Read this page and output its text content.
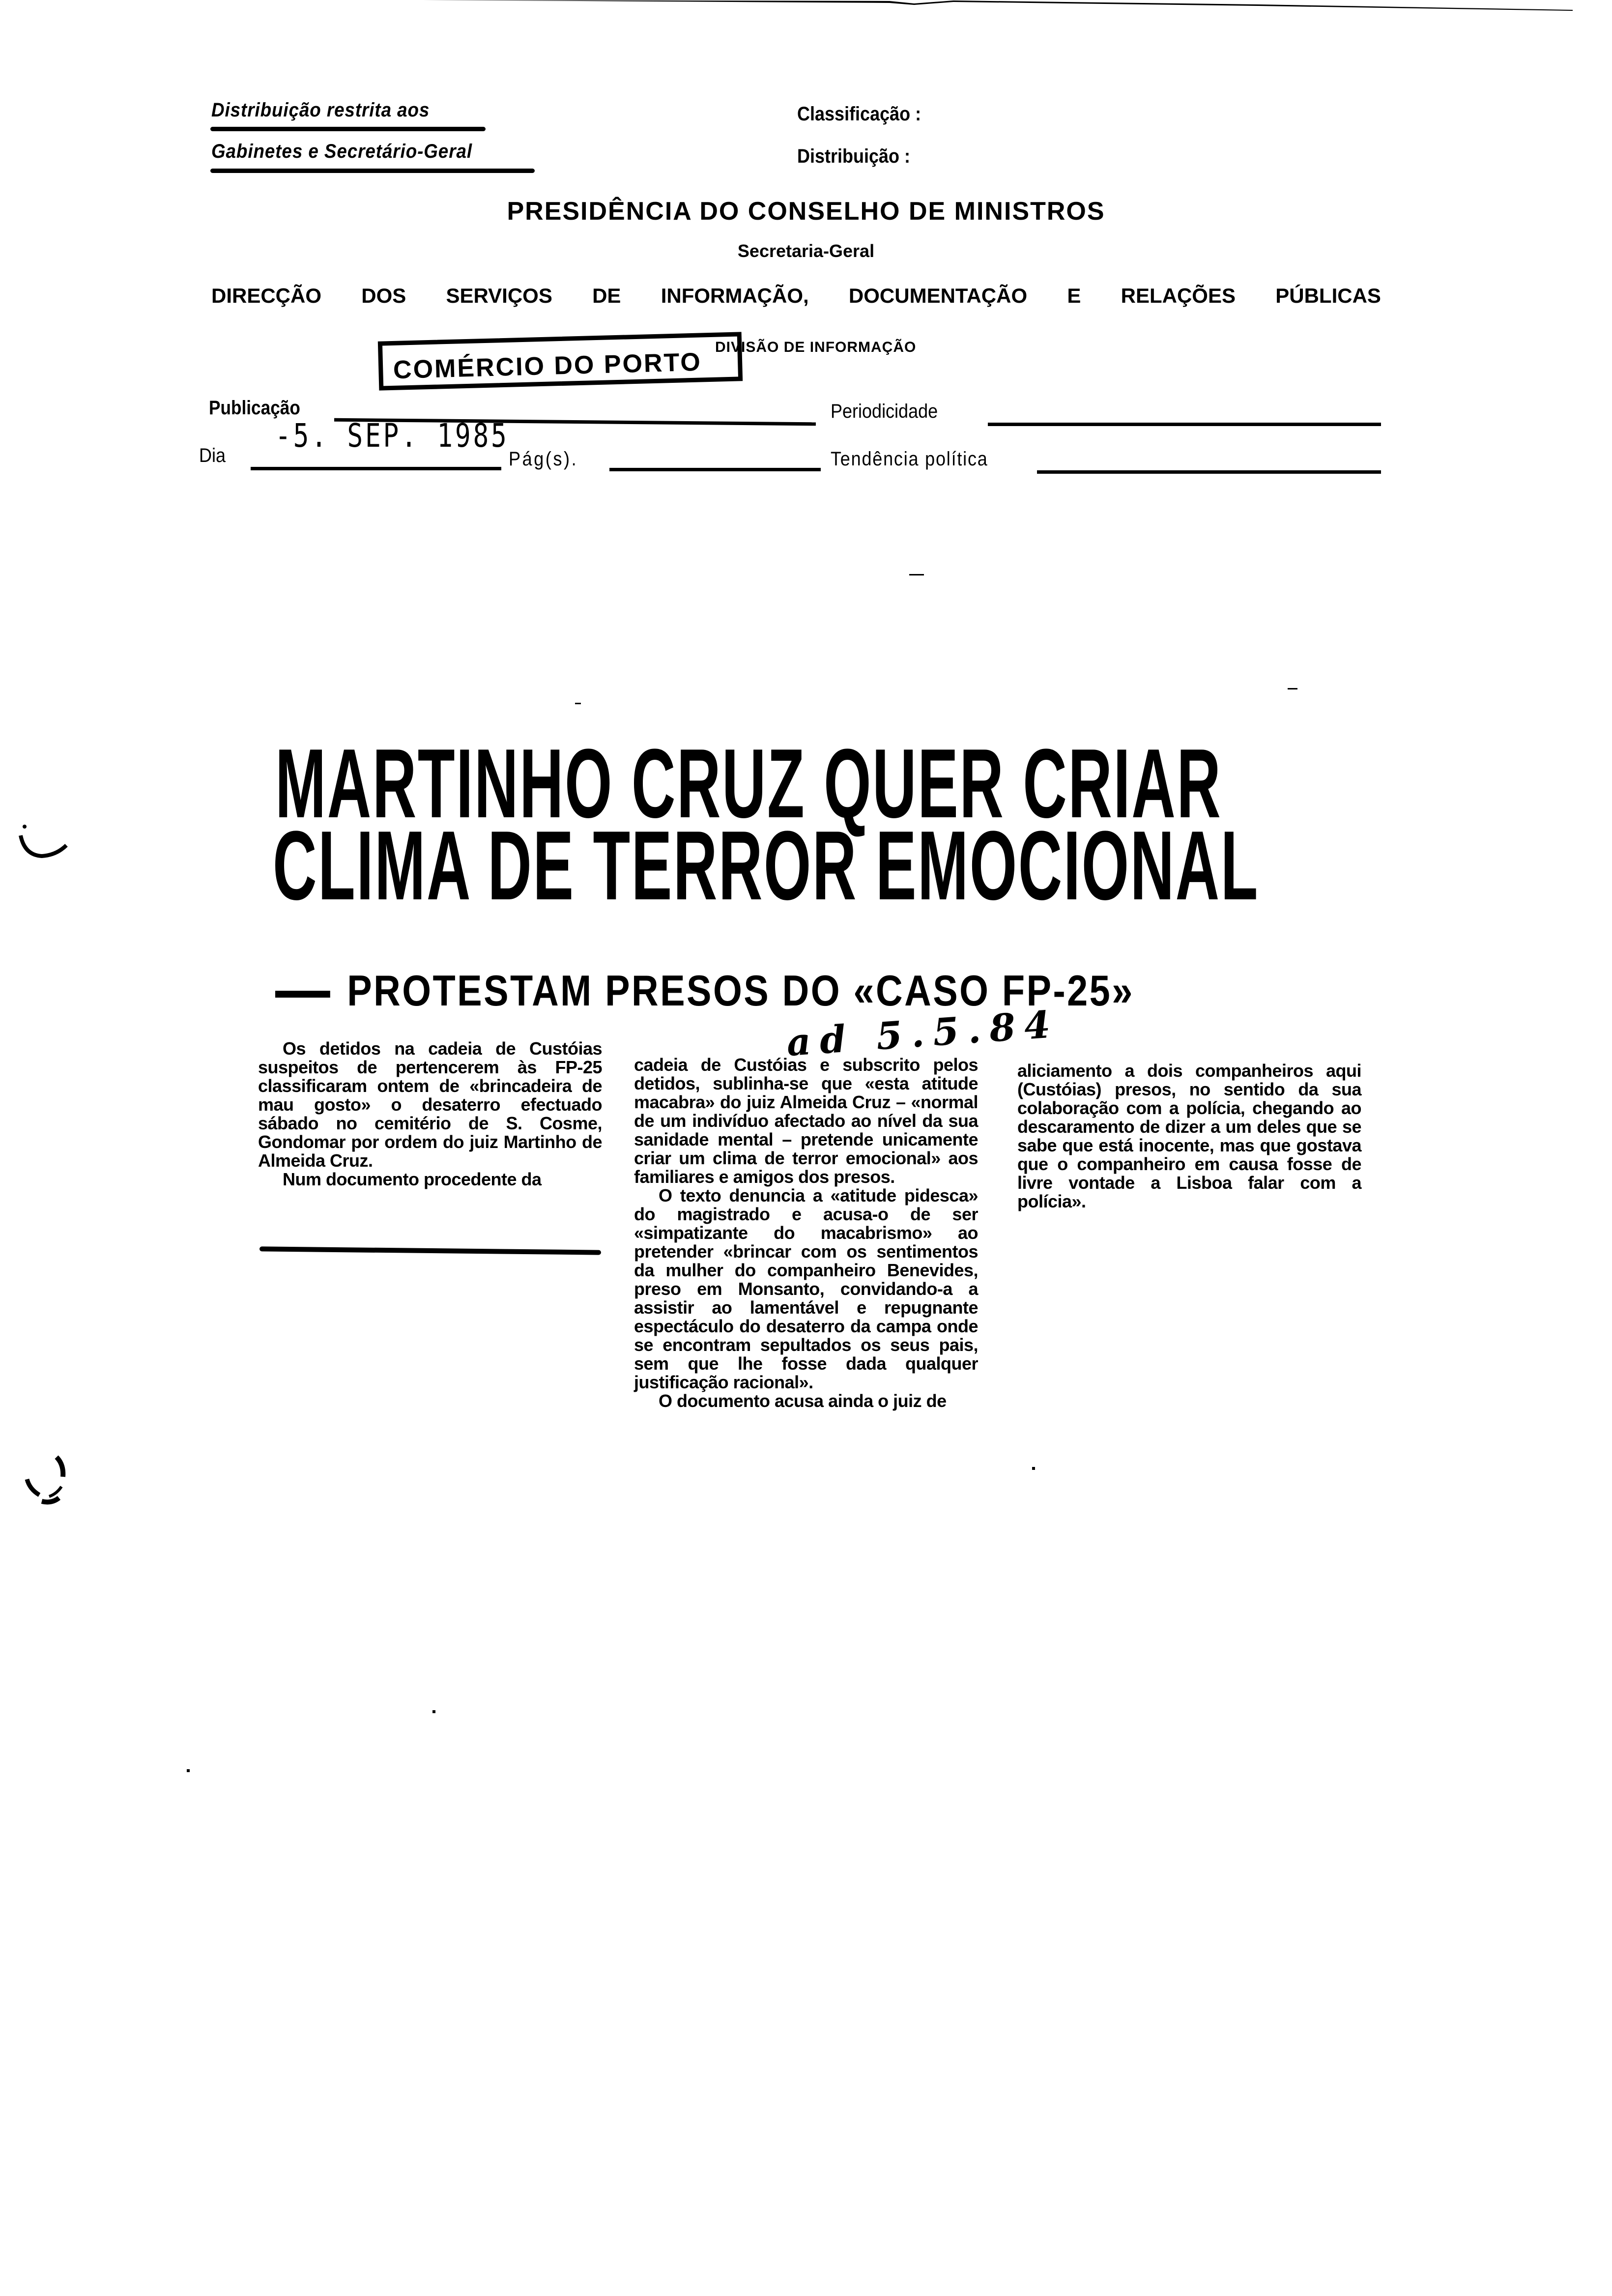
Distribuição restrita aos
Gabinetes e Secretário-Geral
Classificação :
Distribuição :
PRESIDÊNCIA DO CONSELHO DE MINISTROS
Secretaria-Geral
DIRECÇÃO DOS SERVIÇOS DE INFORMAÇÃO, DOCUMENTAÇÃO E RELAÇÕES PÚBLICAS
COMÉRCIO DO PORTO
DIVISÃO DE INFORMAÇÃO
Publicação	Periodicidade
-5. SEP. 1985
Dia	Pág(s).	Tendência política
MARTINHO CRUZ QUER CRIAR
CLIMA DE TERROR EMOCIONAL
PROTESTAM PRESOS DO «CASO FP-25»
ad 5.5.84

Os detidos na cadeia de Custóias suspeitos de pertencerem às FP-25 classificaram ontem de «brincadeira de mau gosto» o desaterro efectuado sábado no cemitério de S. Cosme, Gondomar por ordem do juiz Martinho de Almeida Cruz.

Num documento procedente da

cadeia de Custóias e subscrito pelos detidos, sublinha-se que «esta atitude macabra» do juiz Almeida Cruz – «normal de um indivíduo afectado ao nível da sua sanidade mental – pretende unicamente criar um clima de terror emocional» aos familiares e amigos dos presos.

O texto denuncia a «atitude pidesca» do magistrado e acusa-o de ser «simpatizante do macabrismo» ao pretender «brincar com os sentimentos da mulher do companheiro Benevides, preso em Monsanto, convidando-a a assistir ao lamentável e repugnante espectáculo do desaterro da campa onde se encontram sepultados os seus pais, sem que lhe fosse dada qualquer justificação racional».

O documento acusa ainda o juiz de

aliciamento a dois companheiros aqui (Custóias) presos, no sentido da sua colaboração com a polícia, chegando ao descaramento de dizer a um deles que se sabe que está inocente, mas que gostava que o companheiro em causa fosse de livre vontade a Lisboa falar com a polícia».
